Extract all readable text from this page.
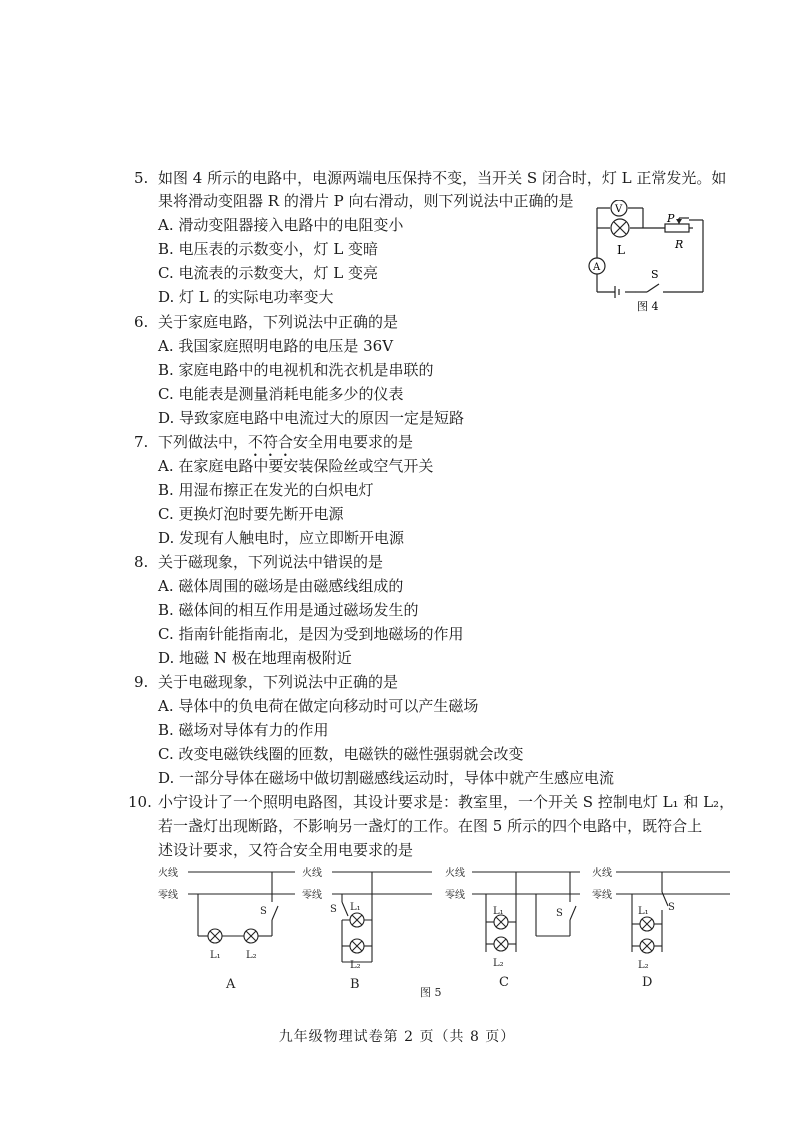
5. 如图 4 所示的电路中，电源两端电压保持不变，当开关 S 闭合时，灯 L 正常发光。如
果将滑动变阻器 R 的滑片 P 向右滑动，则下列说法中正确的是
A. 滑动变阻器接入电路中的电阻变小
B. 电压表的示数变小，灯 L 变暗
C. 电流表的示数变大，灯 L 变亮
D. 灯 L 的实际电功率变大
V
A
L
P
R
S
图 4
6. 关于家庭电路，下列说法中正确的是
A. 我国家庭照明电路的电压是 36V
B. 家庭电路中的电视机和洗衣机是串联的
C. 电能表是测量消耗电能多少的仪表
D. 导致家庭电路中电流过大的原因一定是短路
7. 下列做法中，不符合安全用电要求的是
A. 在家庭电路中要安装保险丝或空气开关
B. 用湿布擦正在发光的白炽电灯
C. 更换灯泡时要先断开电源
D. 发现有人触电时，应立即断开电源
8. 关于磁现象，下列说法中错误的是
A. 磁体周围的磁场是由磁感线组成的
B. 磁体间的相互作用是通过磁场发生的
C. 指南针能指南北，是因为受到地磁场的作用
D. 地磁 N 极在地理南极附近
9. 关于电磁现象，下列说法中正确的是
A. 导体中的负电荷在做定向移动时可以产生磁场
B. 磁场对导体有力的作用
C. 改变电磁铁线圈的匝数，电磁铁的磁性强弱就会改变
D. 一部分导体在磁场中做切割磁感线运动时，导体中就产生感应电流
10. 小宁设计了一个照明电路图，其设计要求是：教室里，一个开关 S 控制电灯 L₁ 和 L₂，
若一盏灯出现断路，不影响另一盏灯的工作。在图 5 所示的四个电路中，既符合上
述设计要求，又符合安全用电要求的是
火线
零线
S
L₁	L₂
火线
零线
S L₁
L₂
火线
零线
S
L₁
L₂
火线
零线
S
L₁
L₂
A	B	C	D
图 5
九年级物理试卷第 2 页（共 8 页）
